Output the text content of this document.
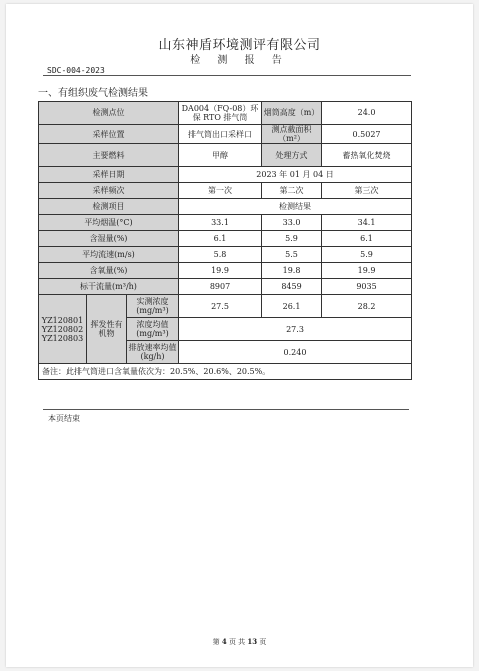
山东神盾环境测评有限公司
检 测 报 告
SDC-004-2023
一、有组织废气检测结果
检测点位			DA004（FQ-08）环保 RTO 排气筒	烟筒高度（m）	24.0
采样位置			排气筒出口采样口	测点截面积（m²）	0.5027
主要燃料			甲醇	处理方式	蓄热氧化焚烧
采样日期			2023 年 01 月 04 日		
采样频次			第一次	第二次	第三次
检测项目			检测结果		
平均烟温(°C)			33.1	33.0	34.1
含湿量(%)			6.1	5.9	6.1
平均流速(m/s)			5.8	5.5	5.9
含氧量(%)			19.9	19.8	19.9
标干流量(m³/h)			8907	8459	9035

YZ120801
YZ120802
YZ120803	挥发性有机物	实测浓度(mg/m³)	27.5	26.1	28.2
		浓度均值(mg/m³)	27.3		
		排放速率均值(kg/h)	0.240		
备注：此排气筒进口含氧量依次为：20.5%、20.6%、20.5%。					
本页结束
第 4 页 共 13 页
